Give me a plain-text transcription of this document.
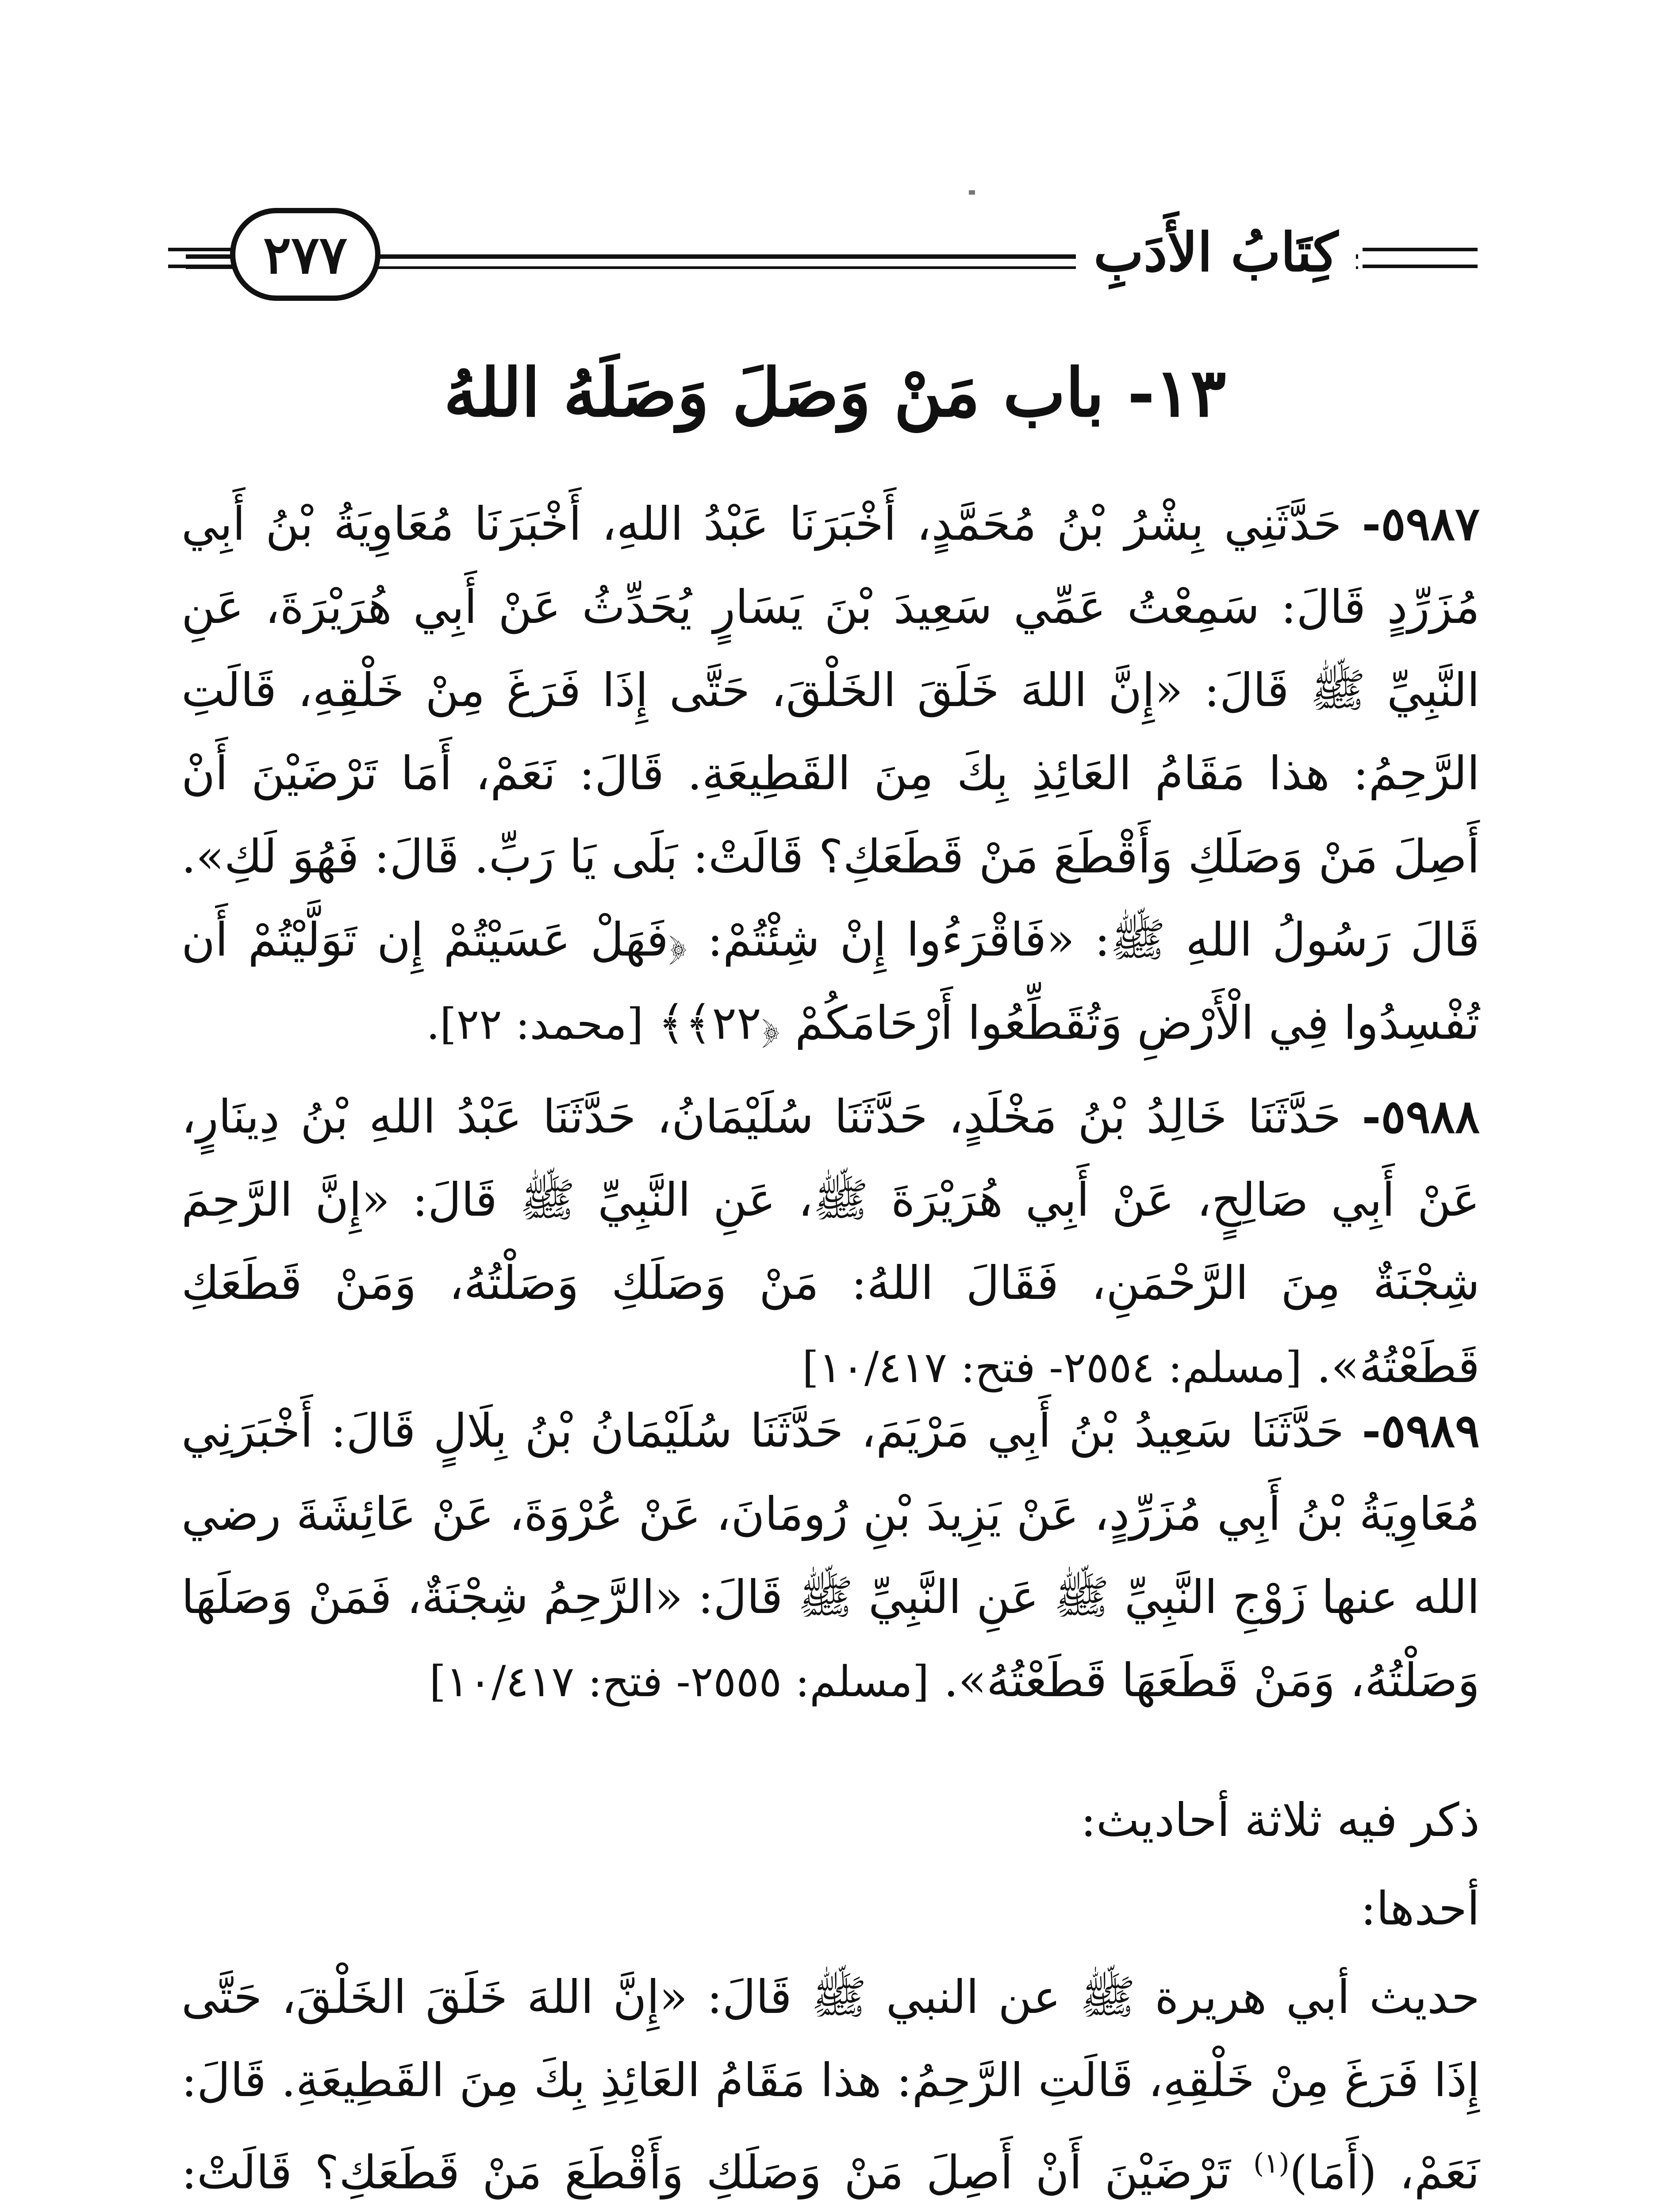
٢٧٧	كِتَابُ الأَدَبِ
١٣- باب مَنْ وَصَلَ وَصَلَهُ اللهُ
٥٩٨٧- حَدَّثَنِي بِشْرُ بْنُ مُحَمَّدٍ، أَخْبَرَنَا عَبْدُ اللهِ، أَخْبَرَنَا مُعَاوِيَةُ بْنُ أَبِي مُزَرِّدٍ قَالَ: سَمِعْتُ عَمِّي سَعِيدَ بْنَ يَسَارٍ يُحَدِّثُ عَنْ أَبِي هُرَيْرَةَ، عَنِ النَّبِيِّ ﷺ قَالَ: «إِنَّ اللهَ خَلَقَ الخَلْقَ، حَتَّى إِذَا فَرَغَ مِنْ خَلْقِهِ، قَالَتِ الرَّحِمُ: هذا مَقَامُ العَائِذِ بِكَ مِنَ القَطِيعَةِ. قَالَ: نَعَمْ، أَمَا تَرْضَيْنَ أَنْ أَصِلَ مَنْ وَصَلَكِ وَأَقْطَعَ مَنْ قَطَعَكِ؟ قَالَتْ: بَلَى يَا رَبِّ. قَالَ: فَهُوَ لَكِ». قَالَ رَسُولُ اللهِ ﷺ: «فَاقْرَءُوا إِنْ شِئْتُمْ: ﴿فَهَلْ عَسَيْتُمْ إِن تَوَلَّيْتُمْ أَن تُفْسِدُوا فِي الْأَرْضِ وَتُقَطِّعُوا أَرْحَامَكُمْ ﴿٢٢﴾﴾ [محمد: ٢٢].
٥٩٨٨- حَدَّثَنَا خَالِدُ بْنُ مَخْلَدٍ، حَدَّثَنَا سُلَيْمَانُ، حَدَّثَنَا عَبْدُ اللهِ بْنُ دِينَارٍ، عَنْ أَبِي صَالِحٍ، عَنْ أَبِي هُرَيْرَةَ ﷺ، عَنِ النَّبِيِّ ﷺ قَالَ: «إِنَّ الرَّحِمَ شِجْنَةٌ مِنَ الرَّحْمَنِ، فَقَالَ اللهُ: مَنْ وَصَلَكِ وَصَلْتُهُ، وَمَنْ قَطَعَكِ قَطَعْتُهُ». [مسلم: ٢٥٥٤- فتح: ١٠/٤١٧]
٥٩٨٩- حَدَّثَنَا سَعِيدُ بْنُ أَبِي مَرْيَمَ، حَدَّثَنَا سُلَيْمَانُ بْنُ بِلَالٍ قَالَ: أَخْبَرَنِي مُعَاوِيَةُ بْنُ أَبِي مُزَرِّدٍ، عَنْ يَزِيدَ بْنِ رُومَانَ، عَنْ عُرْوَةَ، عَنْ عَائِشَةَ رضي الله عنها زَوْجِ النَّبِيِّ ﷺ عَنِ النَّبِيِّ ﷺ قَالَ: «الرَّحِمُ شِجْنَةٌ، فَمَنْ وَصَلَهَا وَصَلْتُهُ، وَمَنْ قَطَعَهَا قَطَعْتُهُ». [مسلم: ٢٥٥٥- فتح: ١٠/٤١٧]
ذكر فيه ثلاثة أحاديث:
أحدها:
حديث أبي هريرة ﷺ عن النبي ﷺ قَالَ: «إِنَّ اللهَ خَلَقَ الخَلْقَ، حَتَّى إِذَا فَرَغَ مِنْ خَلْقِهِ، قَالَتِ الرَّحِمُ: هذا مَقَامُ العَائِذِ بِكَ مِنَ القَطِيعَةِ. قَالَ: نَعَمْ، (أَمَا)$^{(١)}$ تَرْضَيْنَ أَنْ أَصِلَ مَنْ وَصَلَكِ وَأَقْطَعَ مَنْ قَطَعَكِ؟ قَالَتْ:
